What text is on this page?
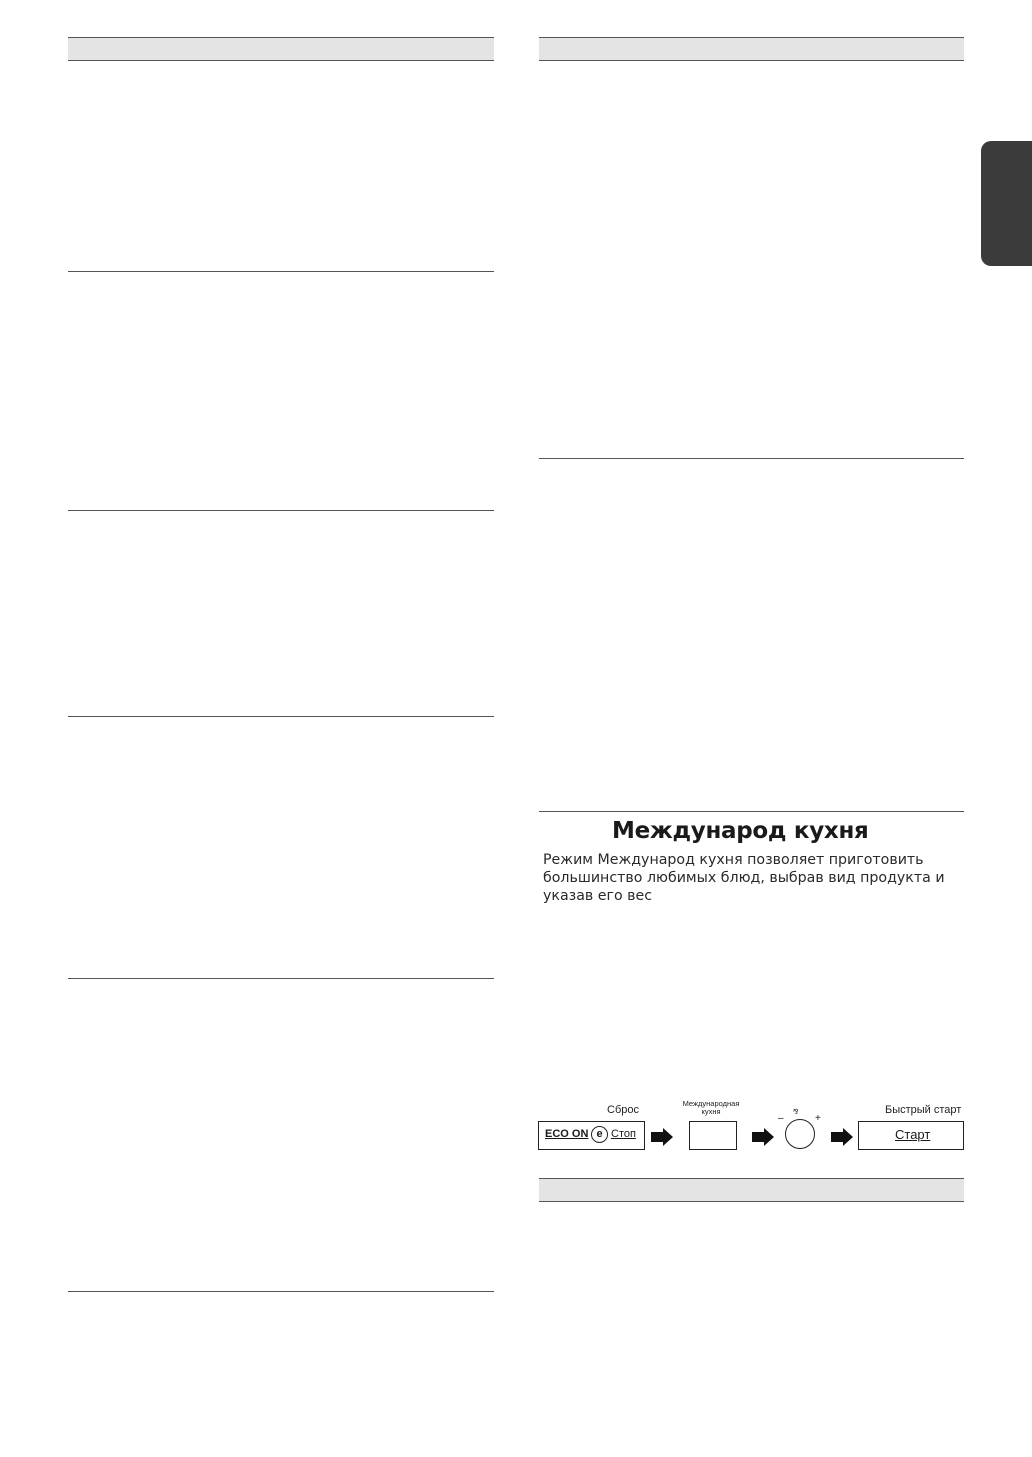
Международ кухня
Режим Международ кухня позволяет приготовить большинство любимых блюд, выбрав вид продукта и указав его вес
Сброс
ECO ON e Стоп
Международная кухня
–
⅋
+
Быстрый старт
Старт
